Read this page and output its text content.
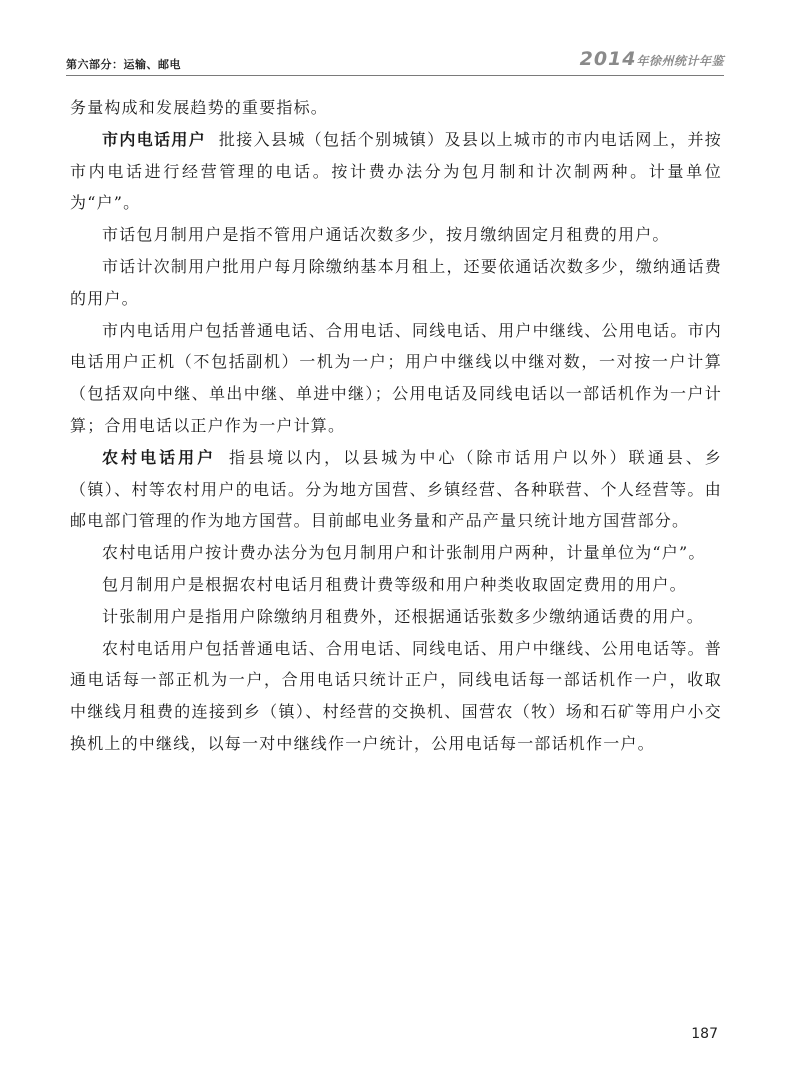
第六部分：运输、邮电	2014年徐州统计年鉴

务量构成和发展趋势的重要指标。

市内电话用户 批接入县城（包括个别城镇）及县以上城市的市内电话网上，并按市内电话进行经营管理的电话。按计费办法分为包月制和计次制两种。计量单位为“户”。

市话包月制用户是指不管用户通话次数多少，按月缴纳固定月租费的用户。

市话计次制用户批用户每月除缴纳基本月租上，还要依通话次数多少，缴纳通话费的用户。

市内电话用户包括普通电话、合用电话、同线电话、用户中继线、公用电话。市内电话用户正机（不包括副机）一机为一户；用户中继线以中继对数，一对按一户计算（包括双向中继、单出中继、单进中继）；公用电话及同线电话以一部话机作为一户计算；合用电话以正户作为一户计算。

农村电话用户 指县境以内，以县城为中心（除市话用户以外）联通县、乡（镇）、村等农村用户的电话。分为地方国营、乡镇经营、各种联营、个人经营等。由邮电部门管理的作为地方国营。目前邮电业务量和产品产量只统计地方国营部分。

农村电话用户按计费办法分为包月制用户和计张制用户两种，计量单位为“户”。

包月制用户是根据农村电话月租费计费等级和用户种类收取固定费用的用户。

计张制用户是指用户除缴纳月租费外，还根据通话张数多少缴纳通话费的用户。

农村电话用户包括普通电话、合用电话、同线电话、用户中继线、公用电话等。普通电话每一部正机为一户，合用电话只统计正户，同线电话每一部话机作一户，收取中继线月租费的连接到乡（镇）、村经营的交换机、国营农（牧）场和石矿等用户小交换机上的中继线，以每一对中继线作一户统计，公用电话每一部话机作一户。

187
